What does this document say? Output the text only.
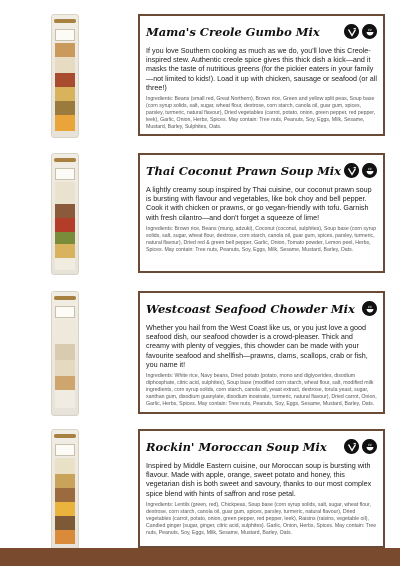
Mama's Creole Gumbo Mix
If you love Southern cooking as much as we do, you'll love this Creole-inspired stew. Authentic creole spice gives this thick dish a kick—and it masks the taste of nutritious greens (for the pickier eaters in your family—not limited to kids!). Load it up with chicken, sausage or seafood (or all three!)
Ingredients: Beans (small red, Great Northern), Brown rice, Green and yellow split peas, Soup base (corn syrup solids, salt, sugar, wheat flour, dextrose, corn starch, canola oil, guar gum, spices, parsley, turmeric, natural flavour), Dried vegetables (carrot, potato, onion, green pepper, red pepper, leek), Garlic, Onion, Herbs, Spices. May contain: Tree nuts, Peanuts, Soy, Eggs, Milk, Sesame, Mustard, Barley, Sulphites, Oats.
Thai Coconut Prawn Soup Mix
A lightly creamy soup inspired by Thai cuisine, our coconut prawn soup is bursting with flavour and vegetables, like bok choy and bell pepper. Cook it with chicken or prawns, or go vegan-friendly with tofu. Garnish with fresh cilantro—and don't forget a squeeze of lime!
Ingredients: Brown rice, Beans (mung, adzuki), Coconut (coconut, sulphites), Soup base (corn syrup solids, salt, sugar, wheat flour, dextrose, corn starch, canola oil, guar gum, spices, parsley, turmeric, natural flavour), Dried red & green bell pepper, Garlic, Onion, Tomato powder, Lemon peel, Herbs, Spices. May contain: Tree nuts, Peanuts, Soy, Eggs, Milk, Sesame, Mustard, Barley, Oats.
Westcoast Seafood Chowder Mix
Whether you hail from the West Coast like us, or you just love a good seafood dish, our seafood chowder is a crowd-pleaser. Thick and creamy with plenty of veggies, this chowder can be made with your favourite seafood and shellfish—prawns, clams, scallops, crab or fish, you name it!
Ingredients: White rice, Navy beans, Dried potato (potato, mono and diglycerides, disodium diphosphate, citric acid, sulphites), Soup base (modified corn starch, wheat flour, salt, modified milk ingredients, corn syrup solids, corn starch, canola oil, yeast extract, dextrose, torula yeast, sugar, xanthan gum, disodium guanylate, disodium inosinate, turmeric, natural flavour), Dried carrot, Onion, Garlic, Herbs, Spices. May contain: Tree nuts, Peanuts, Soy, Eggs, Sesame, Mustard, Barley, Oats.
Rockin' Moroccan Soup Mix
Inspired by Middle Eastern cuisine, our Moroccan soup is bursting with flavour. Made with apple, orange, sweet potato and honey, this vegetarian dish is both sweet and savoury, thanks to our most complex spice blend with hints of saffron and rose petal.
Ingredients: Lentils (green, red), Chickpeas, Soup base (corn syrup solids, salt, sugar, wheat flour, dextrose, corn starch, canola oil, guar gum, spices, parsley, turmeric, natural flavour), Dried vegetables (carrot, potato, onion, green pepper, red pepper, leek), Raisins (raisins, vegetable oil), Candied ginger (sugar, ginger, citric acid, sulphites). Garlic, Onion, Herbs, Spices. May contain: Tree nuts, Peanuts, Soy, Eggs, Milk, Sesame, Mustard, Barley, Oats.
